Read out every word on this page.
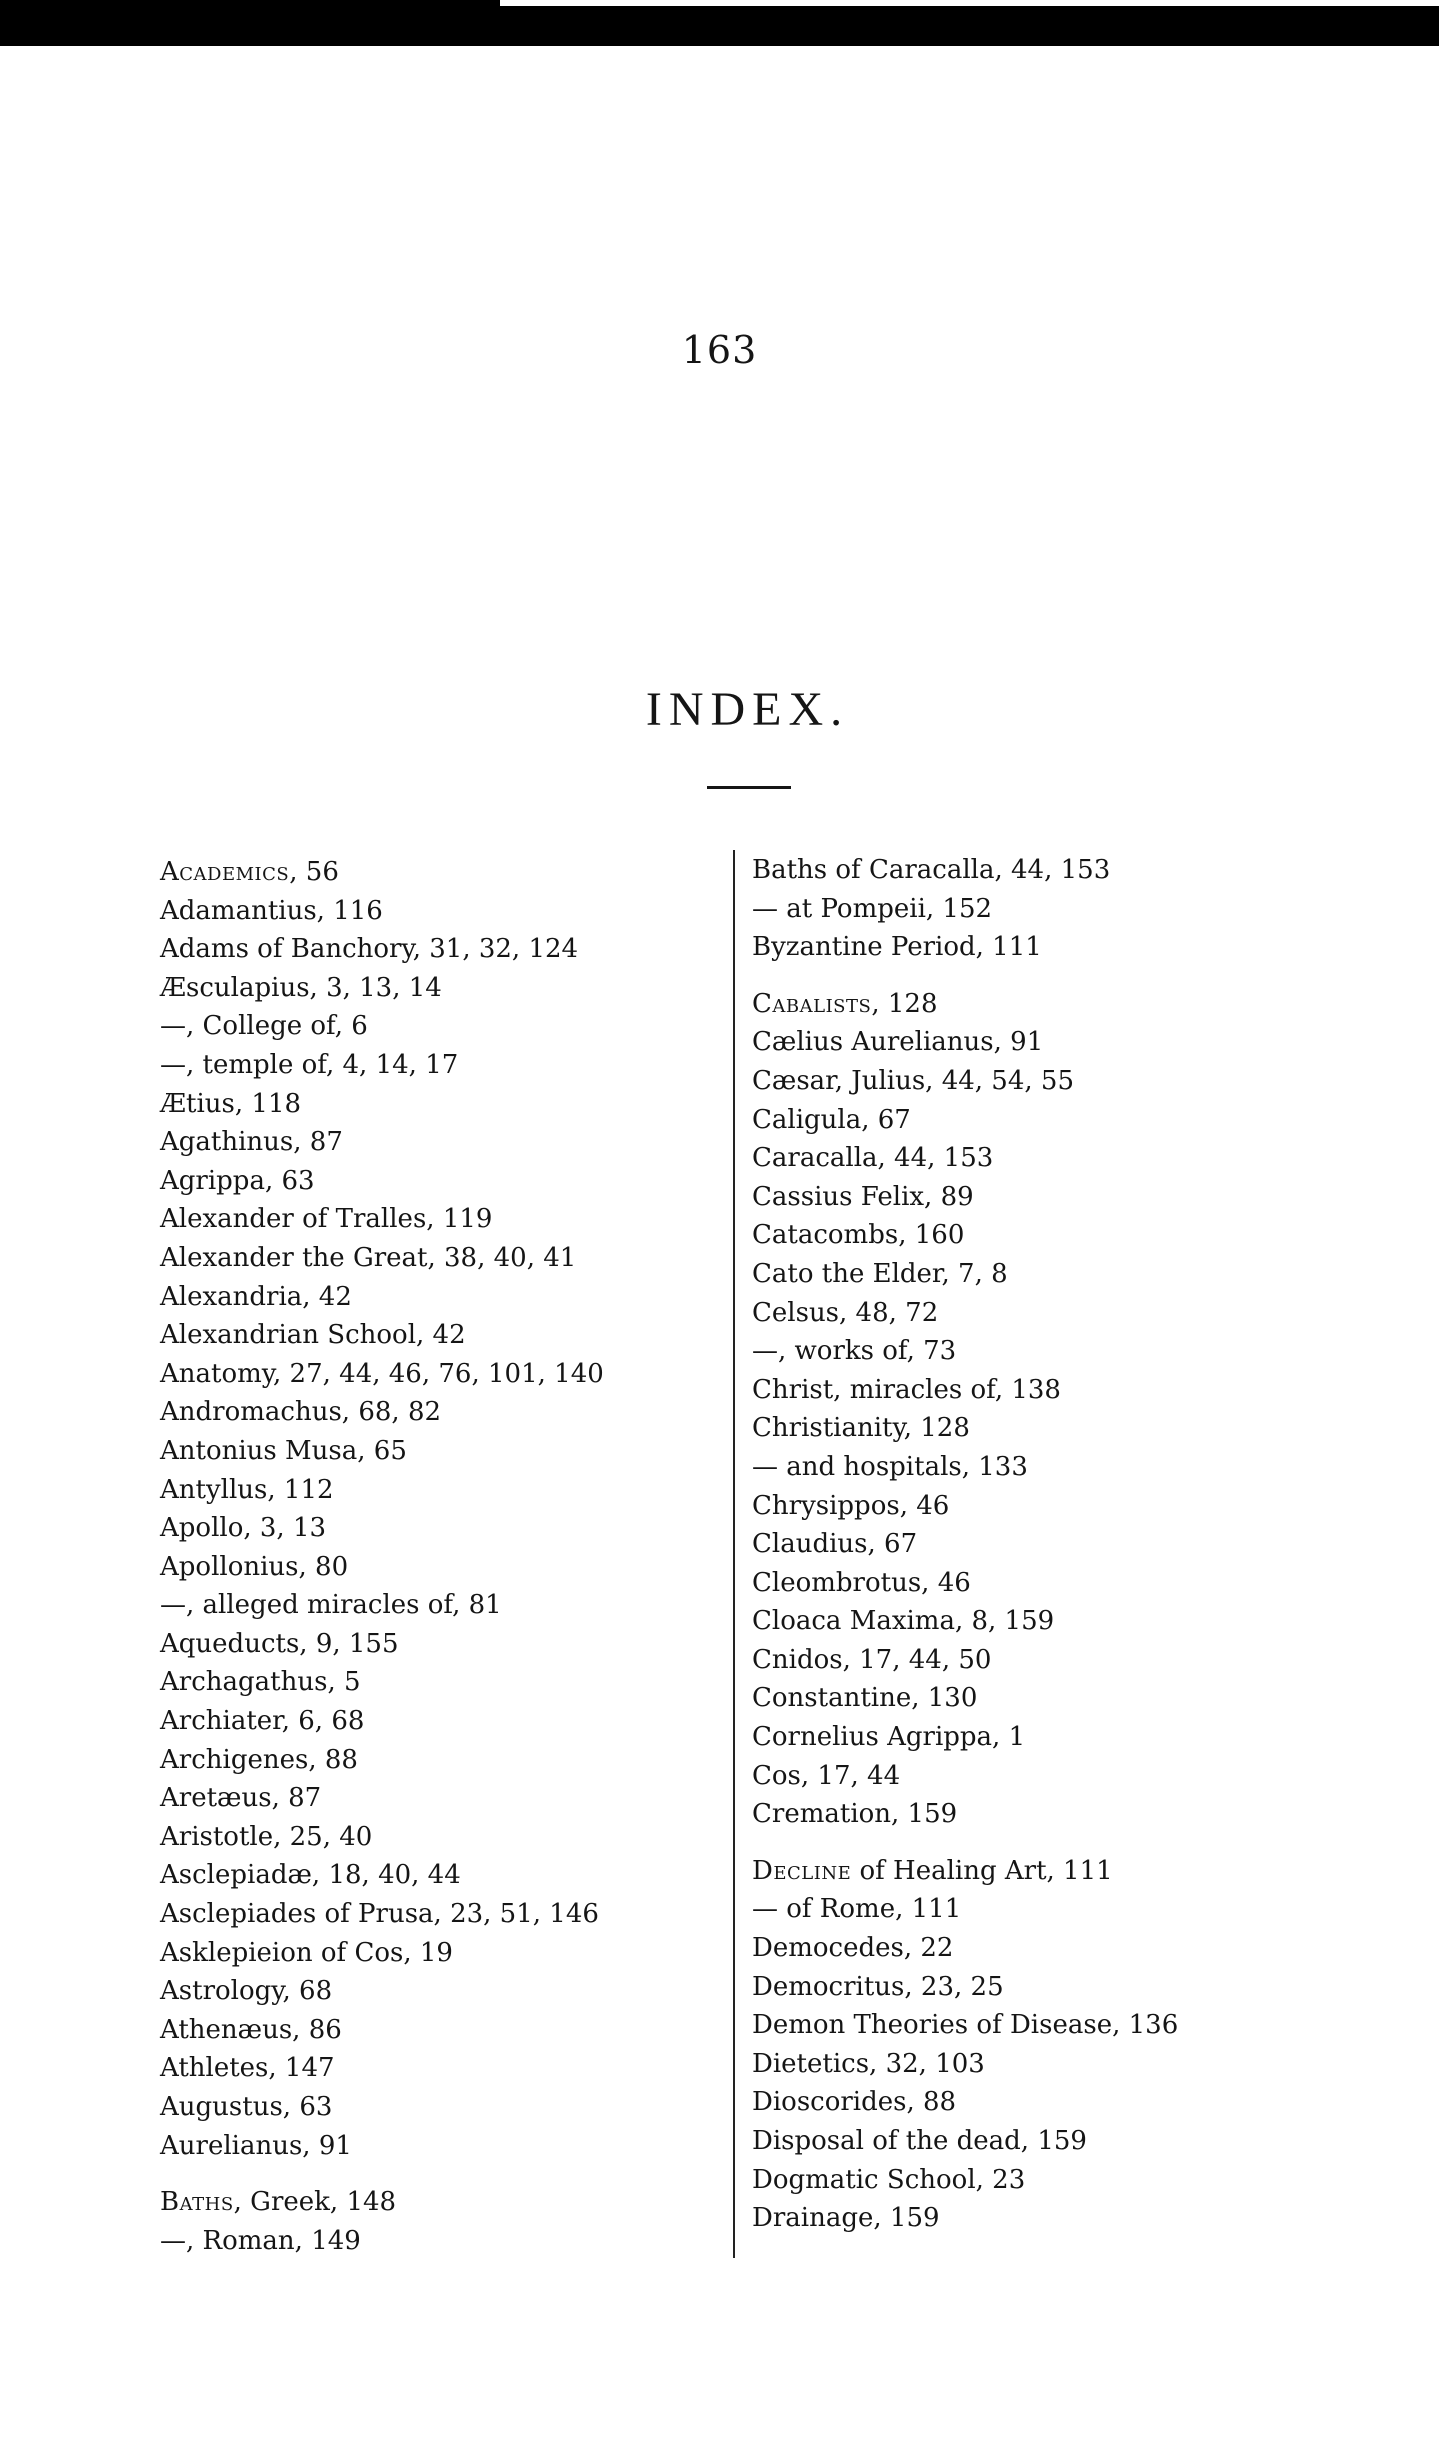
163
INDEX.
Academics, 56
Adamantius, 116
Adams of Banchory, 31, 32, 124
Æsculapius, 3, 13, 14
—, College of, 6
—, temple of, 4, 14, 17
Ætius, 118
Agathinus, 87
Agrippa, 63
Alexander of Tralles, 119
Alexander the Great, 38, 40, 41
Alexandria, 42
Alexandrian School, 42
Anatomy, 27, 44, 46, 76, 101, 140
Andromachus, 68, 82
Antonius Musa, 65
Antyllus, 112
Apollo, 3, 13
Apollonius, 80
—, alleged miracles of, 81
Aqueducts, 9, 155
Archagathus, 5
Archiater, 6, 68
Archigenes, 88
Aretæus, 87
Aristotle, 25, 40
Asclepiadæ, 18, 40, 44
Asclepiades of Prusa, 23, 51, 146
Asklepieion of Cos, 19
Astrology, 68
Athenæus, 86
Athletes, 147
Augustus, 63
Aurelianus, 91
Baths, Greek, 148
—, Roman, 149
Baths of Caracalla, 44, 153
— at Pompeii, 152
Byzantine Period, 111
Cabalists, 128
Cælius Aurelianus, 91
Cæsar, Julius, 44, 54, 55
Caligula, 67
Caracalla, 44, 153
Cassius Felix, 89
Catacombs, 160
Cato the Elder, 7, 8
Celsus, 48, 72
—, works of, 73
Christ, miracles of, 138
Christianity, 128
— and hospitals, 133
Chrysippos, 46
Claudius, 67
Cleombrotus, 46
Cloaca Maxima, 8, 159
Cnidos, 17, 44, 50
Constantine, 130
Cornelius Agrippa, 1
Cos, 17, 44
Cremation, 159
Decline of Healing Art, 111
— of Rome, 111
Democedes, 22
Democritus, 23, 25
Demon Theories of Disease, 136
Dietetics, 32, 103
Dioscorides, 88
Disposal of the dead, 159
Dogmatic School, 23
Drainage, 159
